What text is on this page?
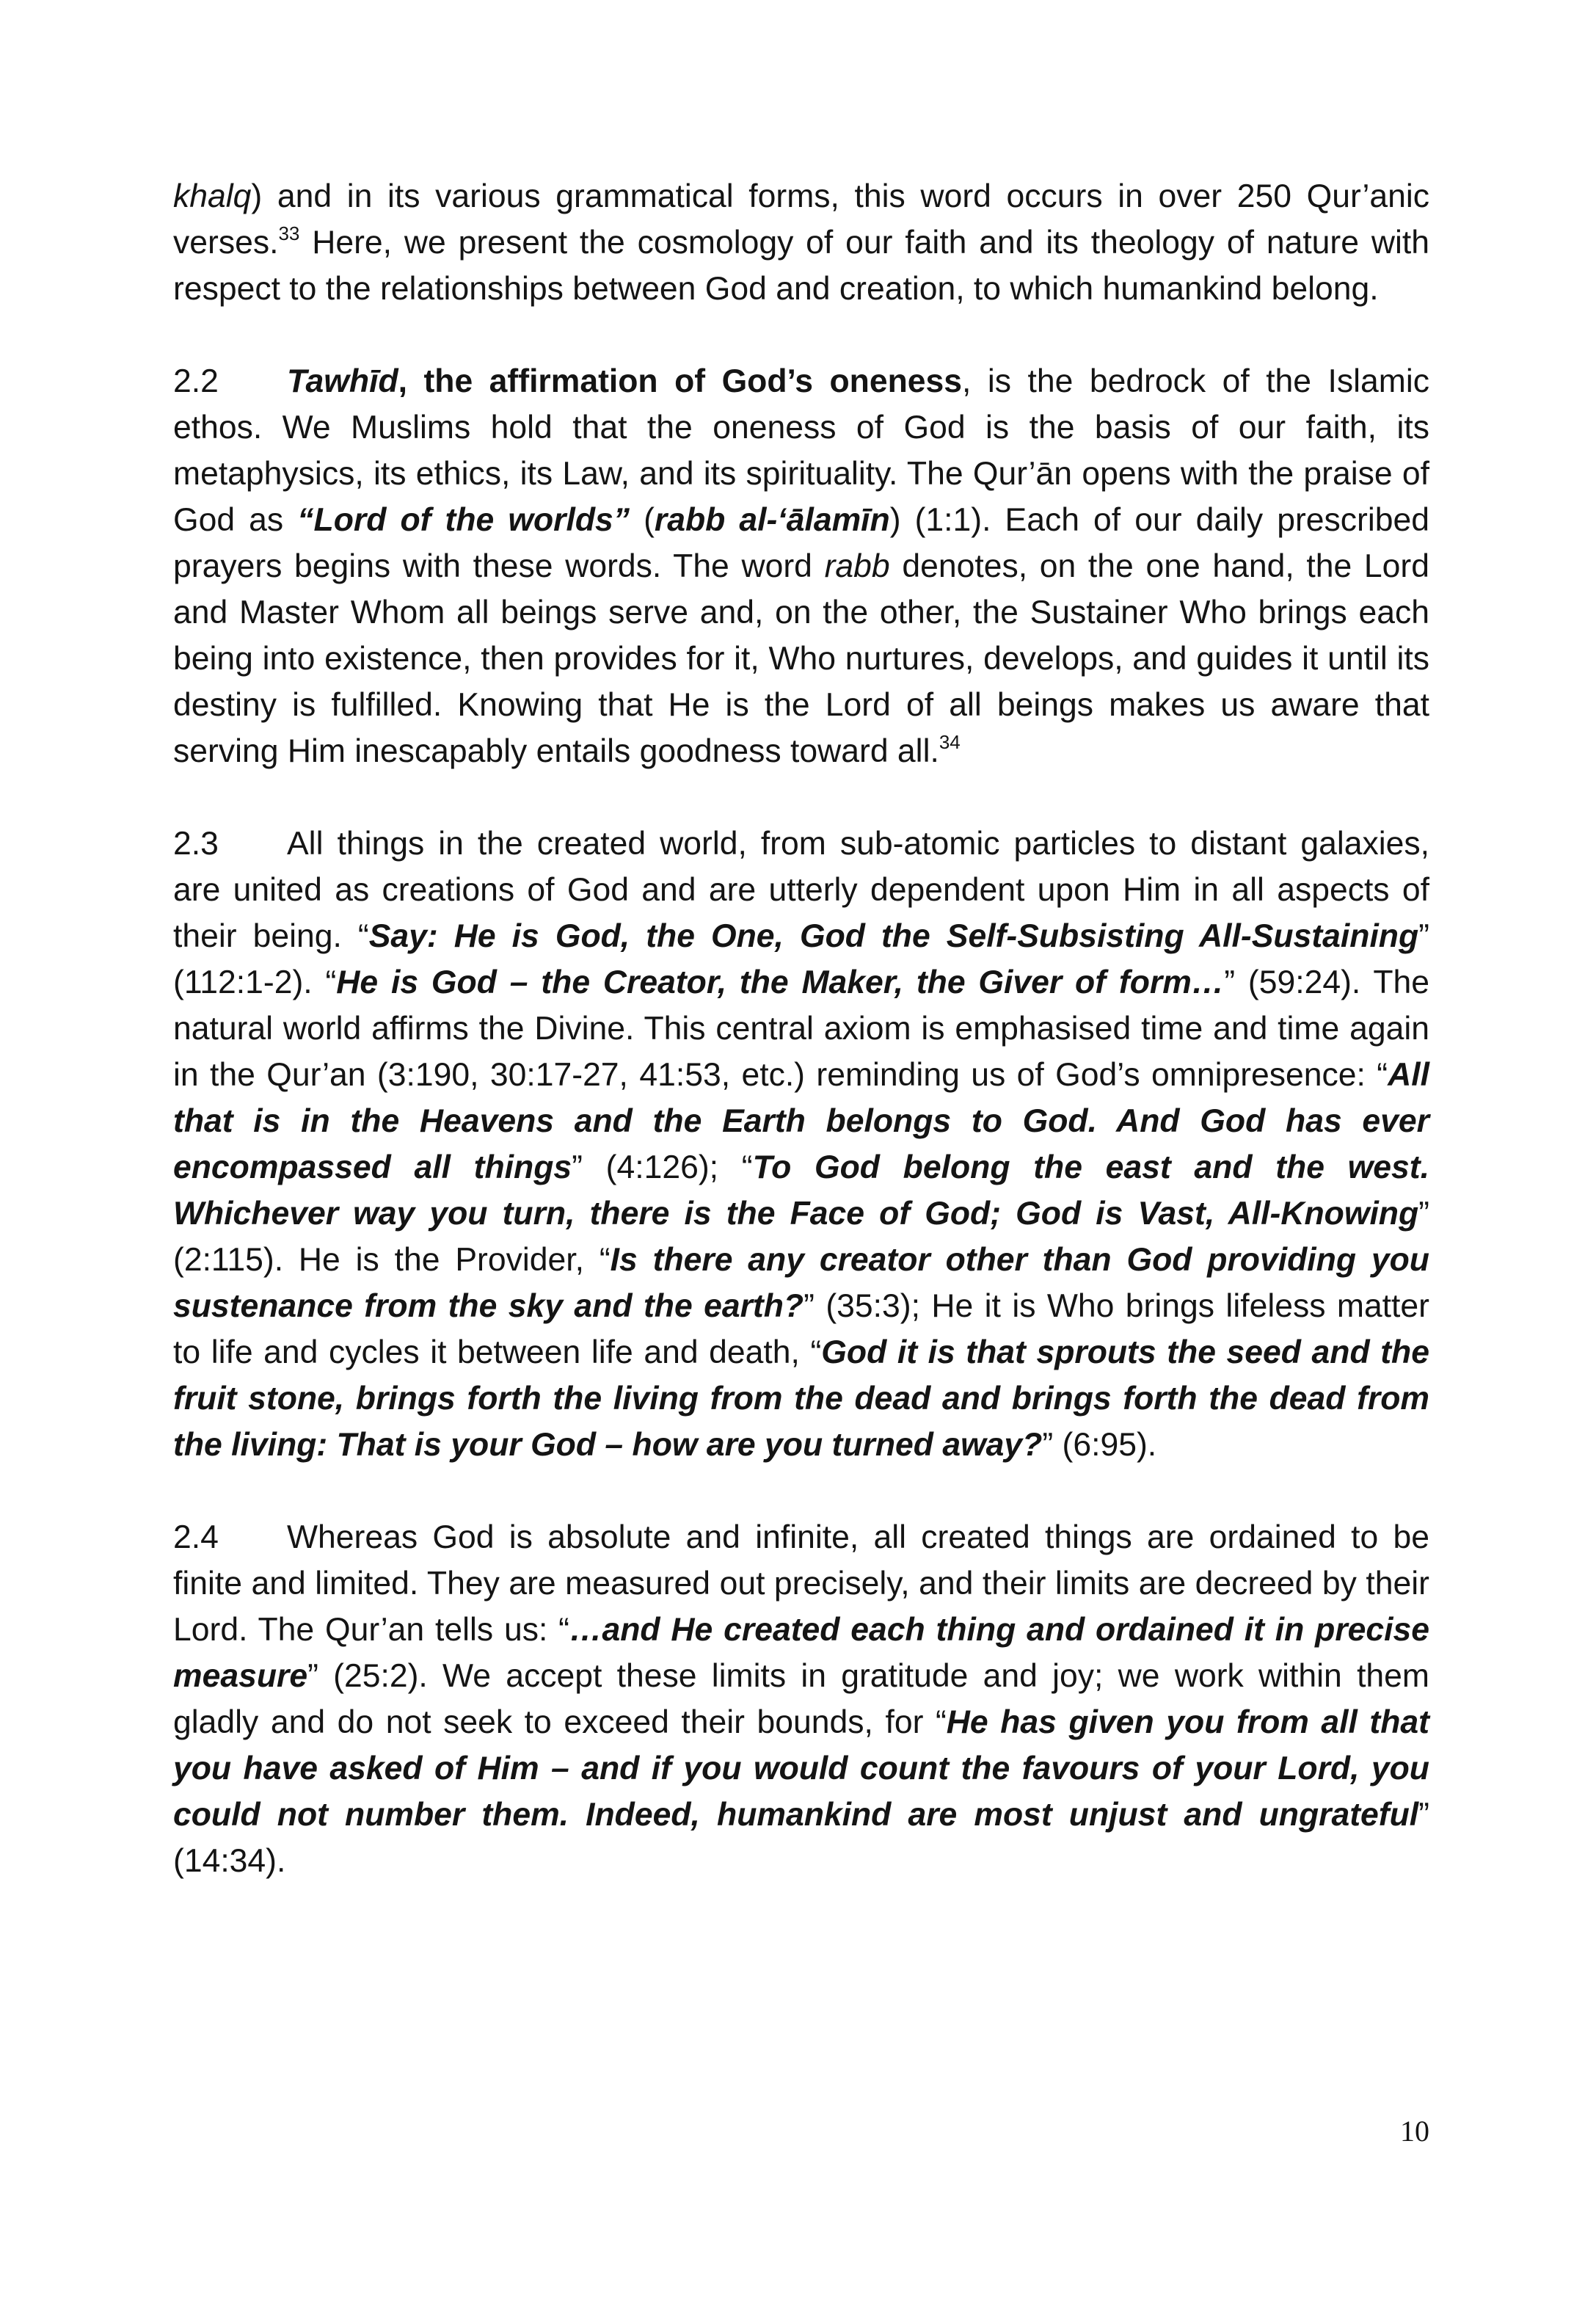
khalq) and in its various grammatical forms, this word occurs in over 250 Qur’anic verses.$^{33}$ Here, we present the cosmology of our faith and its theology of nature with respect to the relationships between God and creation, to which humankind belong.

2.2 Tawhīd, the affirmation of God’s oneness, is the bedrock of the Islamic ethos. We Muslims hold that the oneness of God is the basis of our faith, its metaphysics, its ethics, its Law, and its spirituality. The Qur’ān opens with the praise of God as “Lord of the worlds” (rabb al-‘ālamīn) (1:1). Each of our daily prescribed prayers begins with these words. The word rabb denotes, on the one hand, the Lord and Master Whom all beings serve and, on the other, the Sustainer Who brings each being into existence, then provides for it, Who nurtures, develops, and guides it until its destiny is fulfilled. Knowing that He is the Lord of all beings makes us aware that serving Him inescapably entails goodness toward all.$^{34}$

2.3 All things in the created world, from sub-atomic particles to distant galaxies, are united as creations of God and are utterly dependent upon Him in all aspects of their being. “Say: He is God, the One, God the Self-Subsisting All-Sustaining” (112:1-2). “He is God – the Creator, the Maker, the Giver of form…” (59:24). The natural world affirms the Divine. This central axiom is emphasised time and time again in the Qur’an (3:190, 30:17-27, 41:53, etc.) reminding us of God’s omnipresence: “All that is in the Heavens and the Earth belongs to God. And God has ever encompassed all things” (4:126); “To God belong the east and the west. Whichever way you turn, there is the Face of God; God is Vast, All-Knowing” (2:115). He is the Provider, “Is there any creator other than God providing you sustenance from the sky and the earth?” (35:3); He it is Who brings lifeless matter to life and cycles it between life and death, “God it is that sprouts the seed and the fruit stone, brings forth the living from the dead and brings forth the dead from the living: That is your God – how are you turned away?” (6:95).

2.4 Whereas God is absolute and infinite, all created things are ordained to be finite and limited. They are measured out precisely, and their limits are decreed by their Lord. The Qur’an tells us: “…and He created each thing and ordained it in precise measure” (25:2). We accept these limits in gratitude and joy; we work within them gladly and do not seek to exceed their bounds, for “He has given you from all that you have asked of Him – and if you would count the favours of your Lord, you could not number them. Indeed, humankind are most unjust and ungrateful” (14:34).

10
